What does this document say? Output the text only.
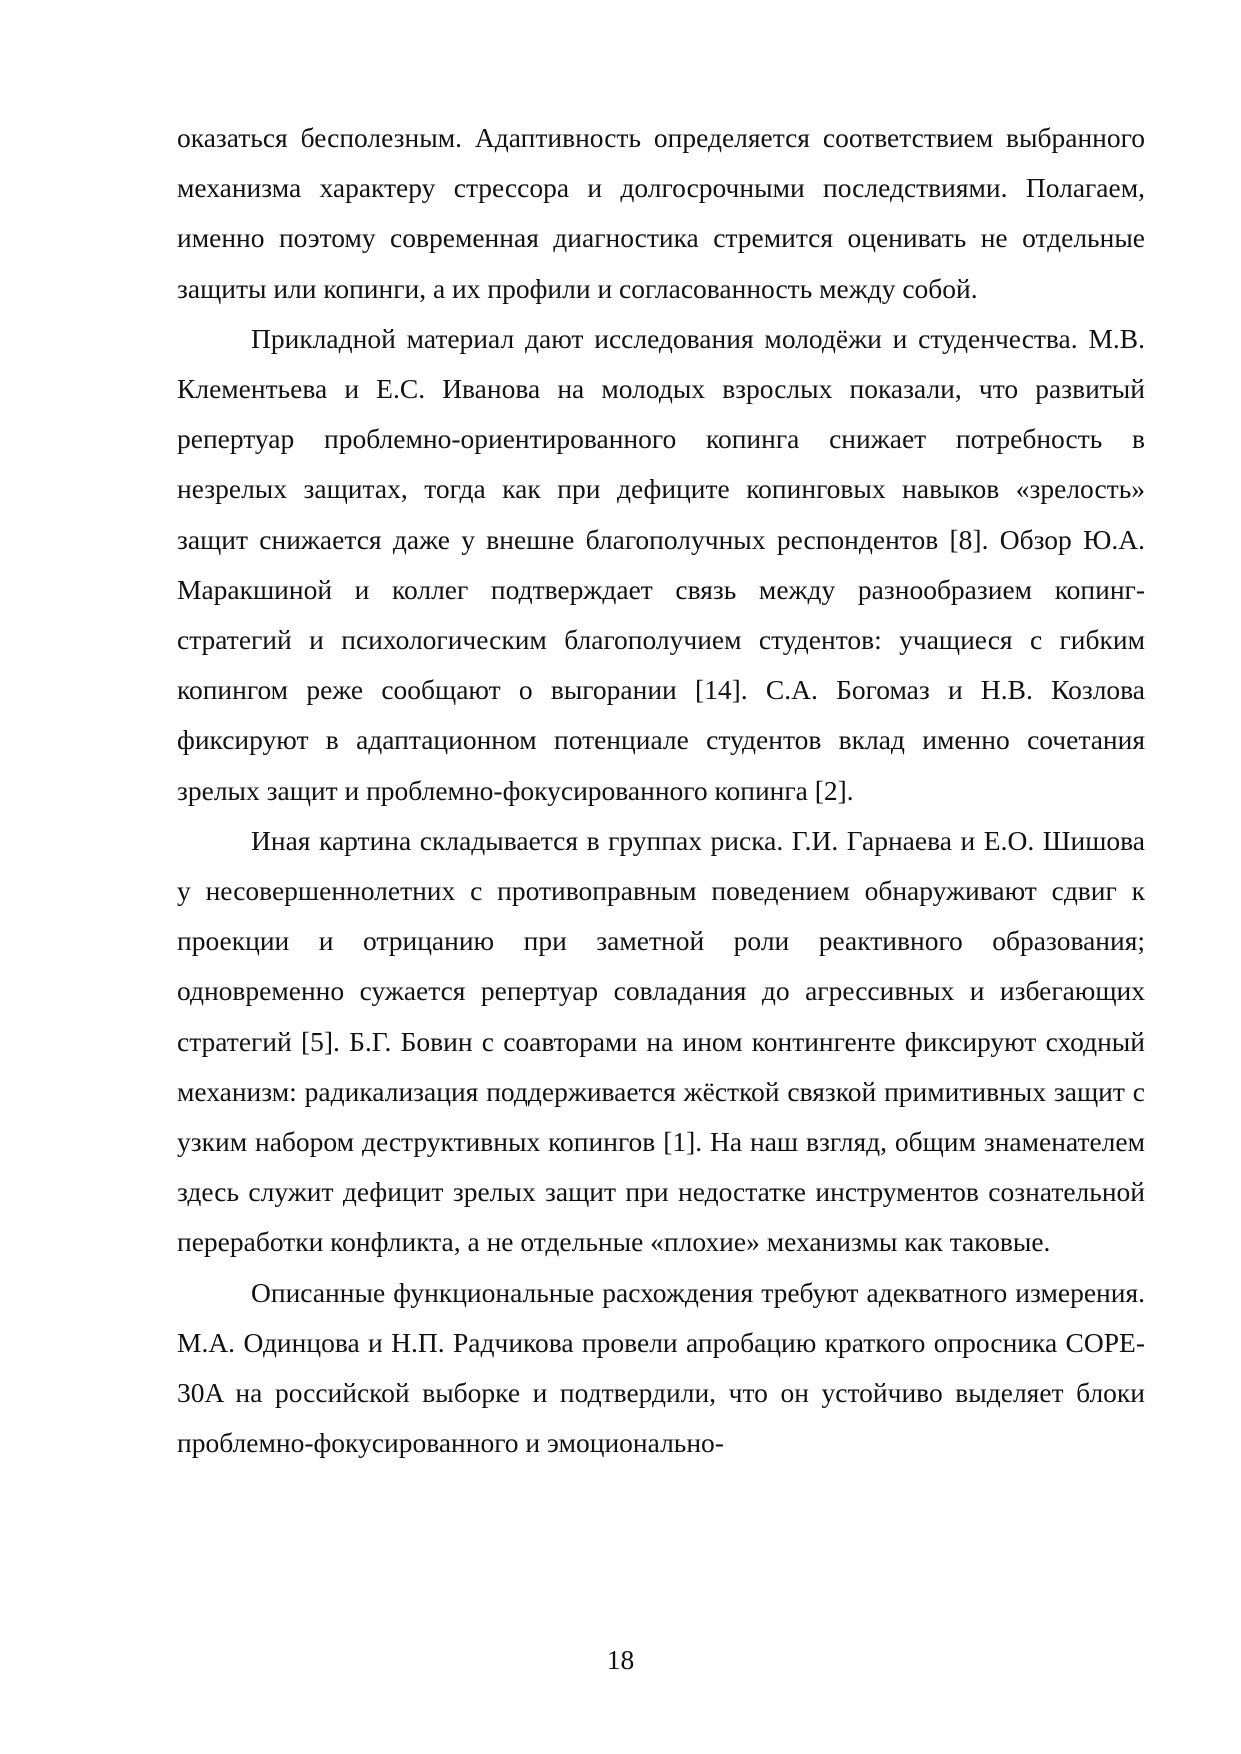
оказаться бесполезным. Адаптивность определяется соответствием выбранного механизма характеру стрессора и долгосрочными последствиями. Полагаем, именно поэтому современная диагностика стремится оценивать не отдельные защиты или копинги, а их профили и согласованность между собой.

Прикладной материал дают исследования молодёжи и студенчества. М.В. Клементьева и Е.С. Иванова на молодых взрослых показали, что развитый репертуар проблемно-ориентированного копинга снижает потребность в незрелых защитах, тогда как при дефиците копинговых навыков «зрелость» защит снижается даже у внешне благополучных респондентов [8]. Обзор Ю.А. Маракшиной и коллег подтверждает связь между разнообразием копинг-стратегий и психологическим благополучием студентов: учащиеся с гибким копингом реже сообщают о выгорании [14]. С.А. Богомаз и Н.В. Козлова фиксируют в адаптационном потенциале студентов вклад именно сочетания зрелых защит и проблемно-фокусированного копинга [2].

Иная картина складывается в группах риска. Г.И. Гарнаева и Е.О. Шишова у несовершеннолетних с противоправным поведением обнаруживают сдвиг к проекции и отрицанию при заметной роли реактивного образования; одновременно сужается репертуар совладания до агрессивных и избегающих стратегий [5]. Б.Г. Бовин с соавторами на ином контингенте фиксируют сходный механизм: радикализация поддерживается жёсткой связкой примитивных защит с узким набором деструктивных копингов [1]. На наш взгляд, общим знаменателем здесь служит дефицит зрелых защит при недостатке инструментов сознательной переработки конфликта, а не отдельные «плохие» механизмы как таковые.

Описанные функциональные расхождения требуют адекватного измерения. М.А. Одинцова и Н.П. Радчикова провели апробацию краткого опросника COPE-30A на российской выборке и подтвердили, что он устойчиво выделяет блоки проблемно-фокусированного и эмоционально-

18
